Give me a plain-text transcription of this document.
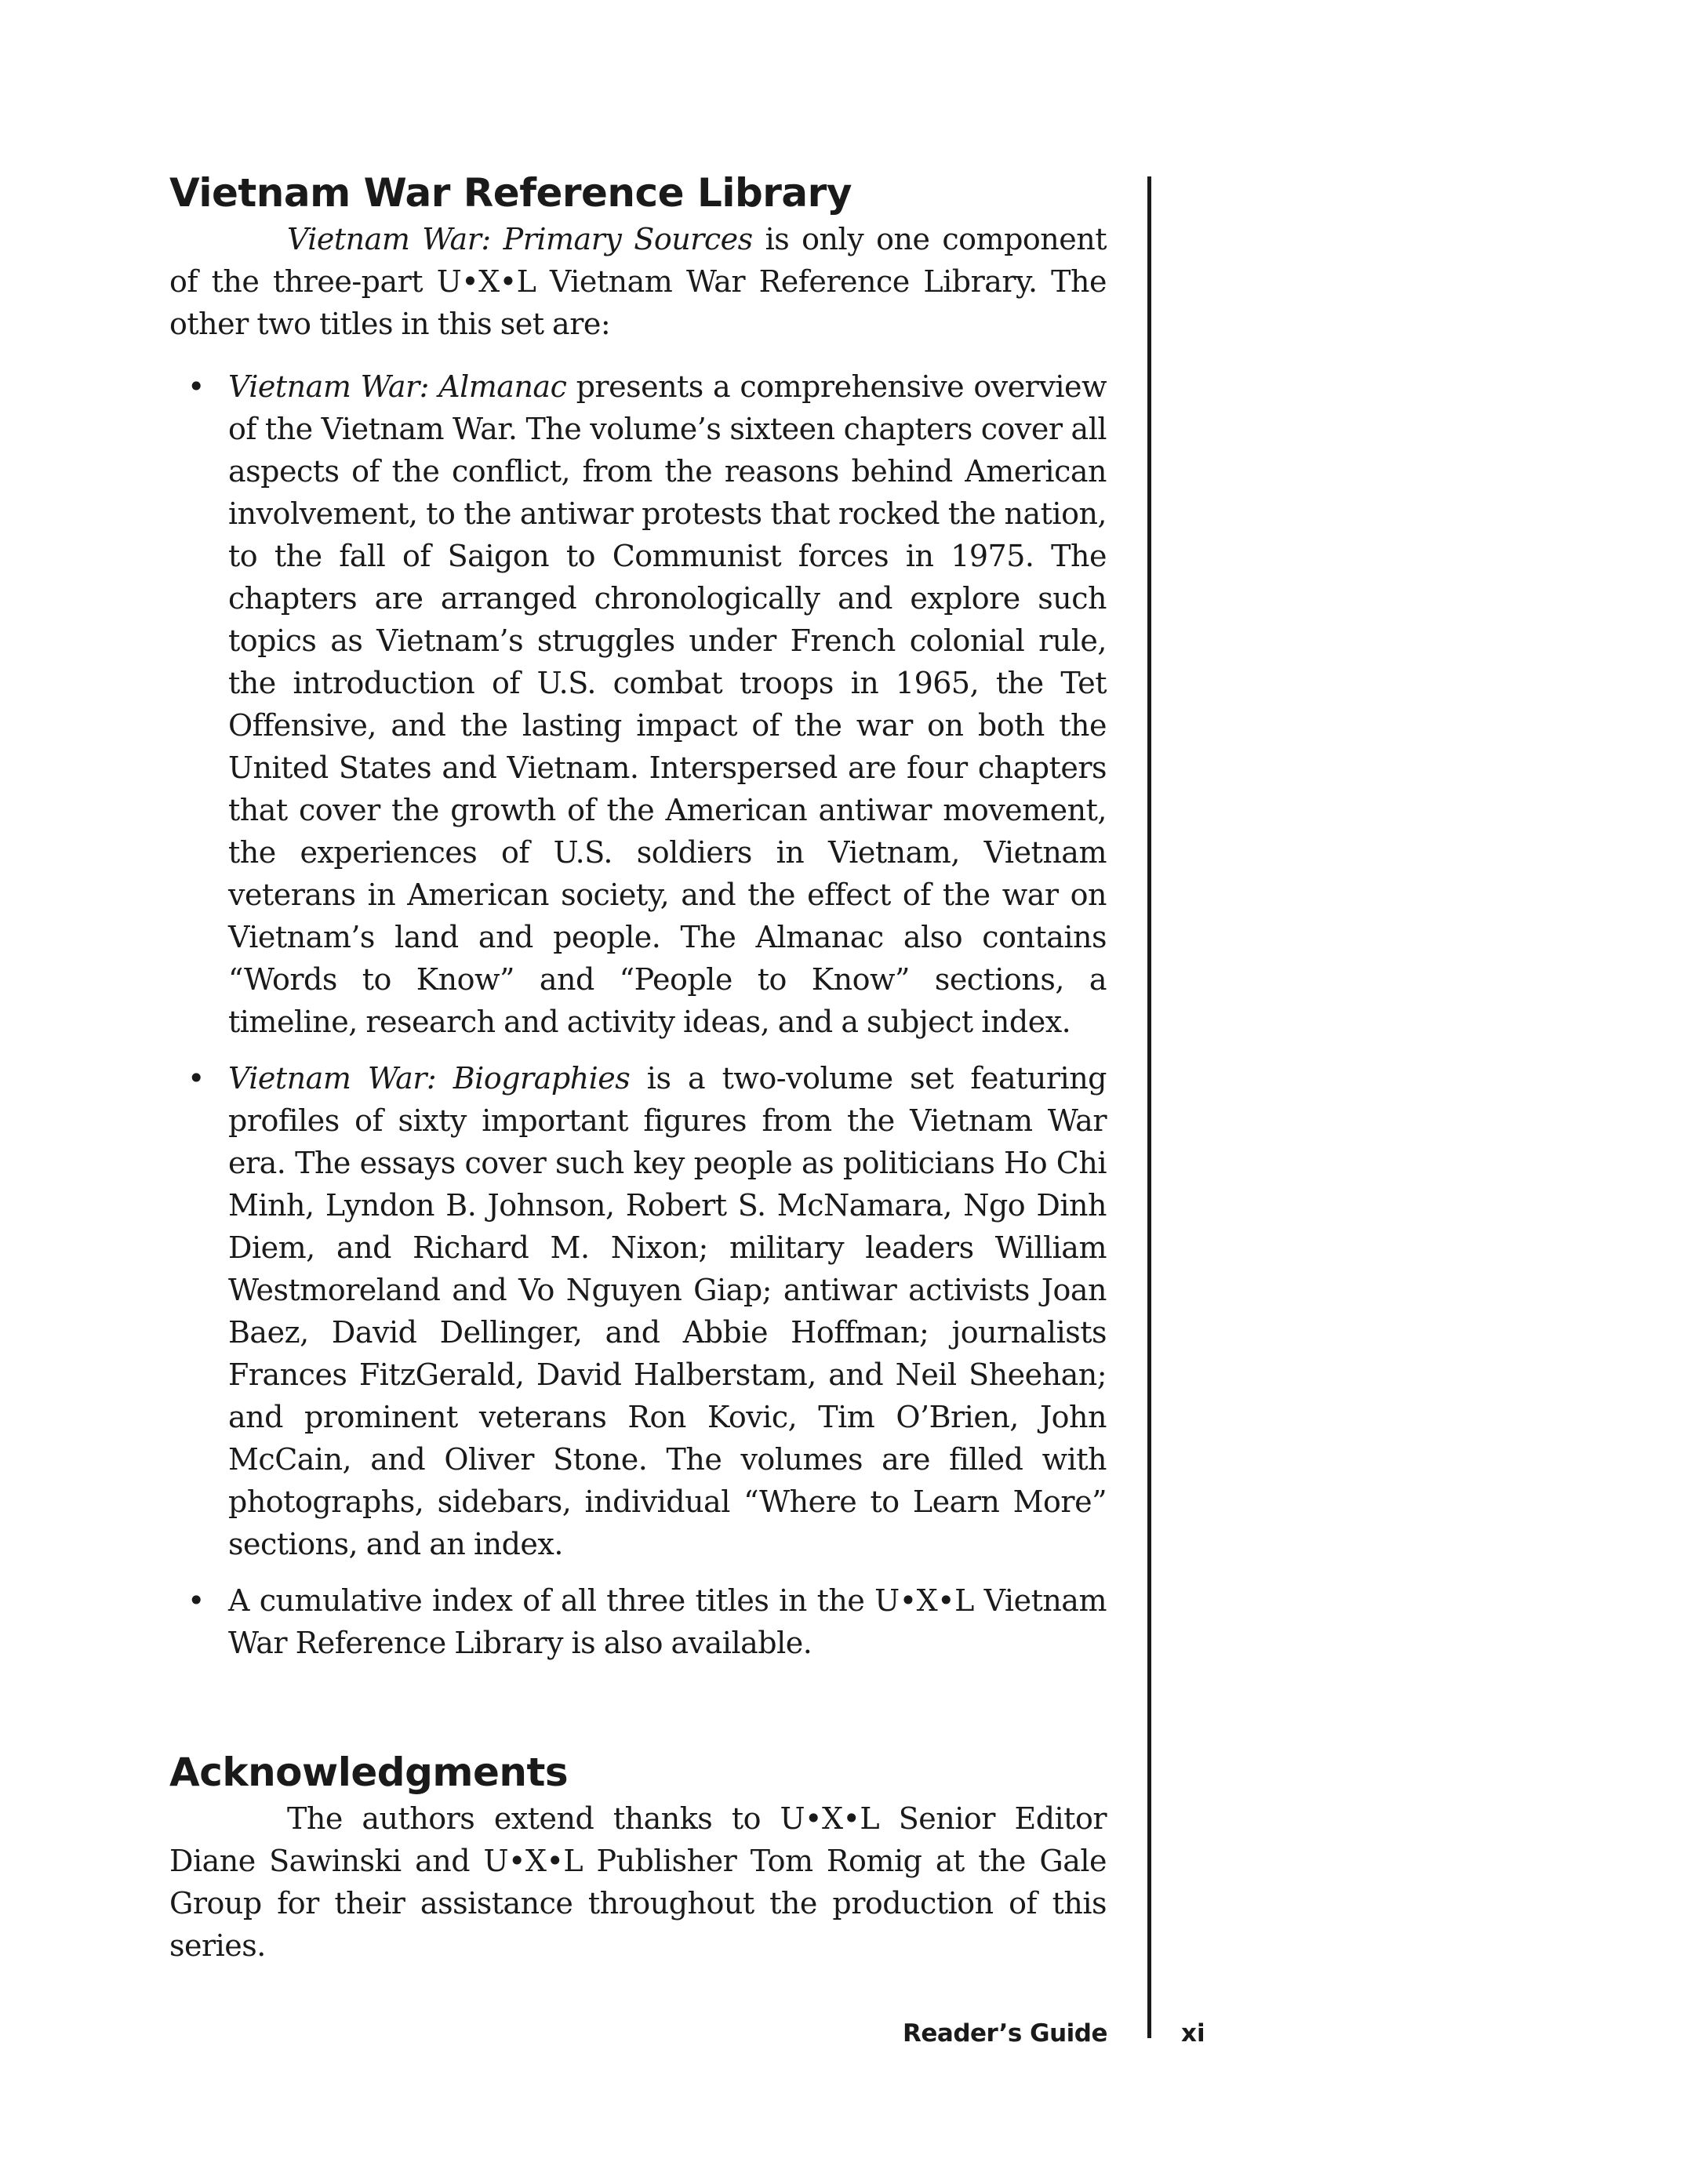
Vietnam War Reference Library

Vietnam War: Primary Sources is only one component of the three-part U•X•L Vietnam War Reference Library. The other two titles in this set are:

• Vietnam War: Almanac presents a comprehensive overview of the Vietnam War. The volume’s sixteen chapters cover all aspects of the conflict, from the reasons behind American involvement, to the antiwar protests that rocked the nation, to the fall of Saigon to Communist forces in 1975. The chapters are arranged chronologically and explore such topics as Vietnam’s struggles under French colonial rule, the introduction of U.S. combat troops in 1965, the Tet Offensive, and the lasting impact of the war on both the United States and Vietnam. Interspersed are four chapters that cover the growth of the American antiwar movement, the experiences of U.S. soldiers in Vietnam, Vietnam veterans in American society, and the effect of the war on Vietnam’s land and people. The Almanac also contains “Words to Know” and “People to Know” sections, a timeline, research and activity ideas, and a subject index.
• Vietnam War: Biographies is a two-volume set featuring profiles of sixty important figures from the Vietnam War era. The essays cover such key people as politicians Ho Chi Minh, Lyndon B. Johnson, Robert S. McNamara, Ngo Dinh Diem, and Richard M. Nixon; military leaders William Westmoreland and Vo Nguyen Giap; antiwar activists Joan Baez, David Dellinger, and Abbie Hoffman; journalists Frances FitzGerald, David Halberstam, and Neil Sheehan; and prominent veterans Ron Kovic, Tim O’Brien, John McCain, and Oliver Stone. The volumes are filled with photographs, sidebars, individual “Where to Learn More” sections, and an index.
• A cumulative index of all three titles in the U•X•L Vietnam War Reference Library is also available.
Acknowledgments

The authors extend thanks to U•X•L Senior Editor Diane Sawinski and U•X•L Publisher Tom Romig at the Gale Group for their assistance throughout the production of this series.

Reader’s Guide	xi
